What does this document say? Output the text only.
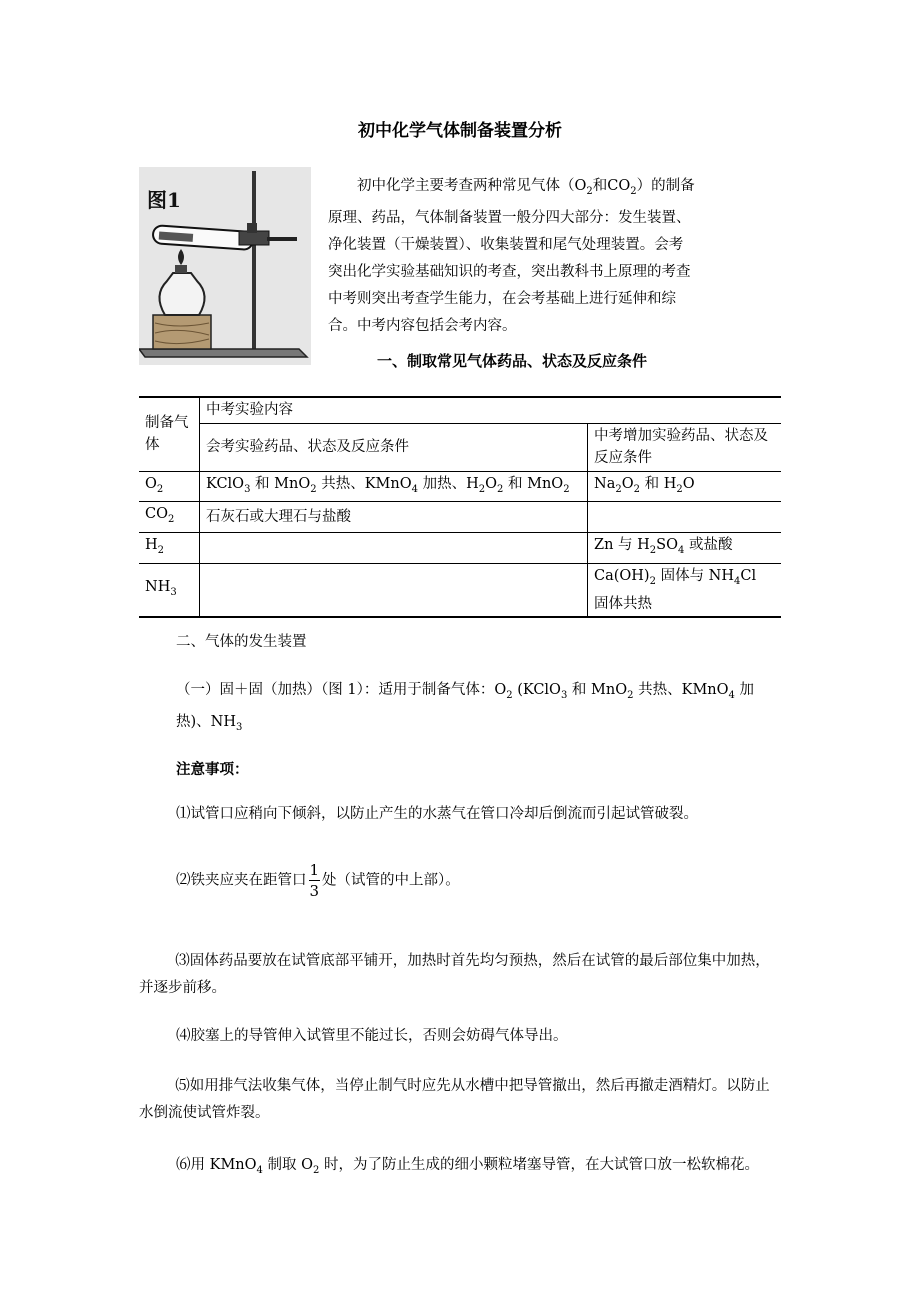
初中化学气体制备装置分析
图1

初中化学主要考查两种常见气体（$O_2$和$CO_2$）的制备原理、药品，气体制备装置一般分四大部分：发生装置、净化装置（干燥装置）、收集装置和尾气处理装置。会考突出化学实验基础知识的考查，突出教科书上原理的考查中考则突出考查学生能力，在会考基础上进行延伸和综合。中考内容包括会考内容。

一、制取常见气体药品、状态及反应条件
制备气体	中考实验内容	
	会考实验药品、状态及反应条件	中考增加实验药品、状态及反应条件
$O_2$	KClO$_3$ 和 MnO$_2$ 共热、KMnO$_4$ 加热、$H_2O_2$ 和 MnO$_2$	$Na_2O_2$ 和 $H_2O$
$CO_2$	石灰石或大理石与盐酸	
$H_2$		Zn 与 $H_2SO_4$ 或盐酸
$NH_3$		$Ca(OH)_2$ 固体与 $NH_4Cl$ 固体共热
二、气体的发生装置

（一）固＋固（加热）（图 1）：适用于制备气体：$O_2$ (KClO$_3$ 和 MnO$_2$ 共热、KMnO$_4$ 加热)、$NH_3$

注意事项：

⑴试管口应稍向下倾斜，以防止产生的水蒸气在管口冷却后倒流而引起试管破裂。

⑵铁夹应夹在距管口 $\frac{1}{3}$ 处（试管的中上部）。

⑶固体药品要放在试管底部平铺开，加热时首先均匀预热，然后在试管的最后部位集中加热，并逐步前移。

⑷胶塞上的导管伸入试管里不能过长，否则会妨碍气体导出。

⑸如用排气法收集气体，当停止制气时应先从水槽中把导管撤出，然后再撤走酒精灯。以防止水倒流使试管炸裂。

⑹用 KMnO$_4$ 制取 $O_2$ 时，为了防止生成的细小颗粒堵塞导管，在大试管口放一松软棉花。
